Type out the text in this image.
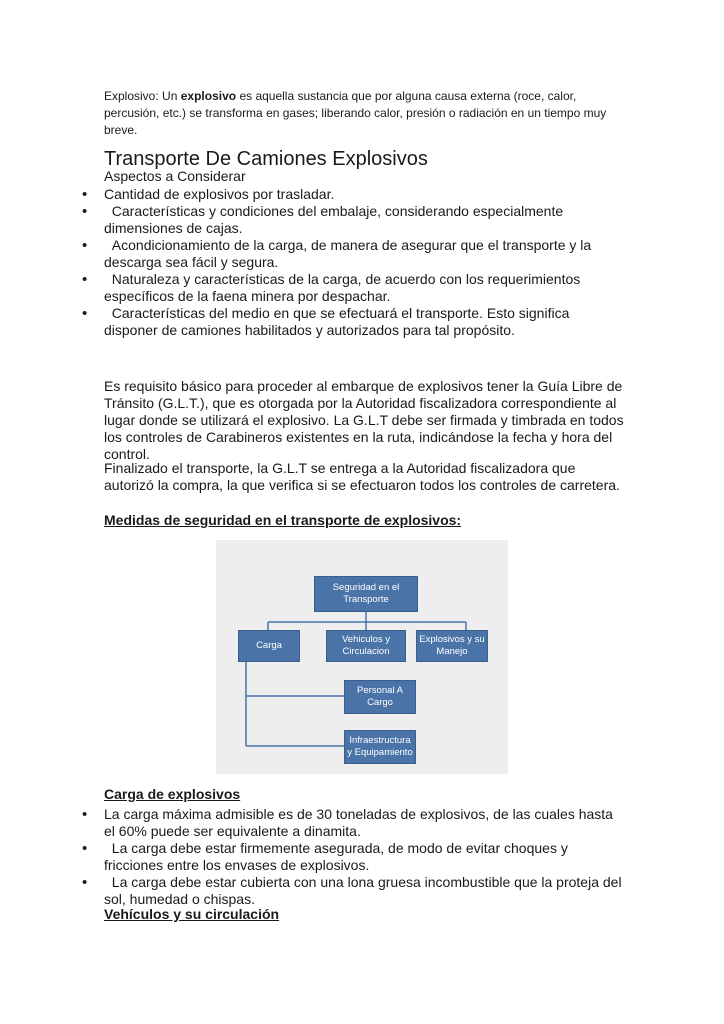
Explosivo: Un explosivo es aquella sustancia que por alguna causa externa (roce, calor, percusión, etc.) se transforma en gases; liberando calor, presión o radiación en un tiempo muy breve.

Transporte De Camiones Explosivos

Aspectos a Considerar

• Cantidad de explosivos por trasladar.
• Características y condiciones del embalaje, considerando especialmente dimensiones de cajas.
• Acondicionamiento de la carga, de manera de asegurar que el transporte y la descarga sea fácil y segura.
• Naturaleza y características de la carga, de acuerdo con los requerimientos específicos de la faena minera por despachar.
• Características del medio en que se efectuará el transporte. Esto significa disponer de camiones habilitados y autorizados para tal propósito.

Es requisito básico para proceder al embarque de explosivos tener la Guía Libre de Tránsito (G.L.T.), que es otorgada por la Autoridad fiscalizadora correspondiente al lugar donde se utilizará el explosivo. La G.L.T debe ser firmada y timbrada en todos los controles de Carabineros existentes en la ruta, indicándose la fecha y hora del control.

Finalizado el transporte, la G.L.T se entrega a la Autoridad fiscalizadora que autorizó la compra, la que verifica si se efectuaron todos los controles de carretera.

Medidas de seguridad en el transporte de explosivos:

Seguridad en el Transporte
Carga
Vehiculos y Circulacion
Explosivos y su Manejo
Personal A Cargo
Infraestructura y Equipamiento

Carga de explosivos

• La carga máxima admisible es de 30 toneladas de explosivos, de las cuales hasta el 60% puede ser equivalente a dinamita.
• La carga debe estar firmemente asegurada, de modo de evitar choques y fricciones entre los envases de explosivos.
• La carga debe estar cubierta con una lona gruesa incombustible que la proteja del sol, humedad o chispas.

Vehículos y su circulación
